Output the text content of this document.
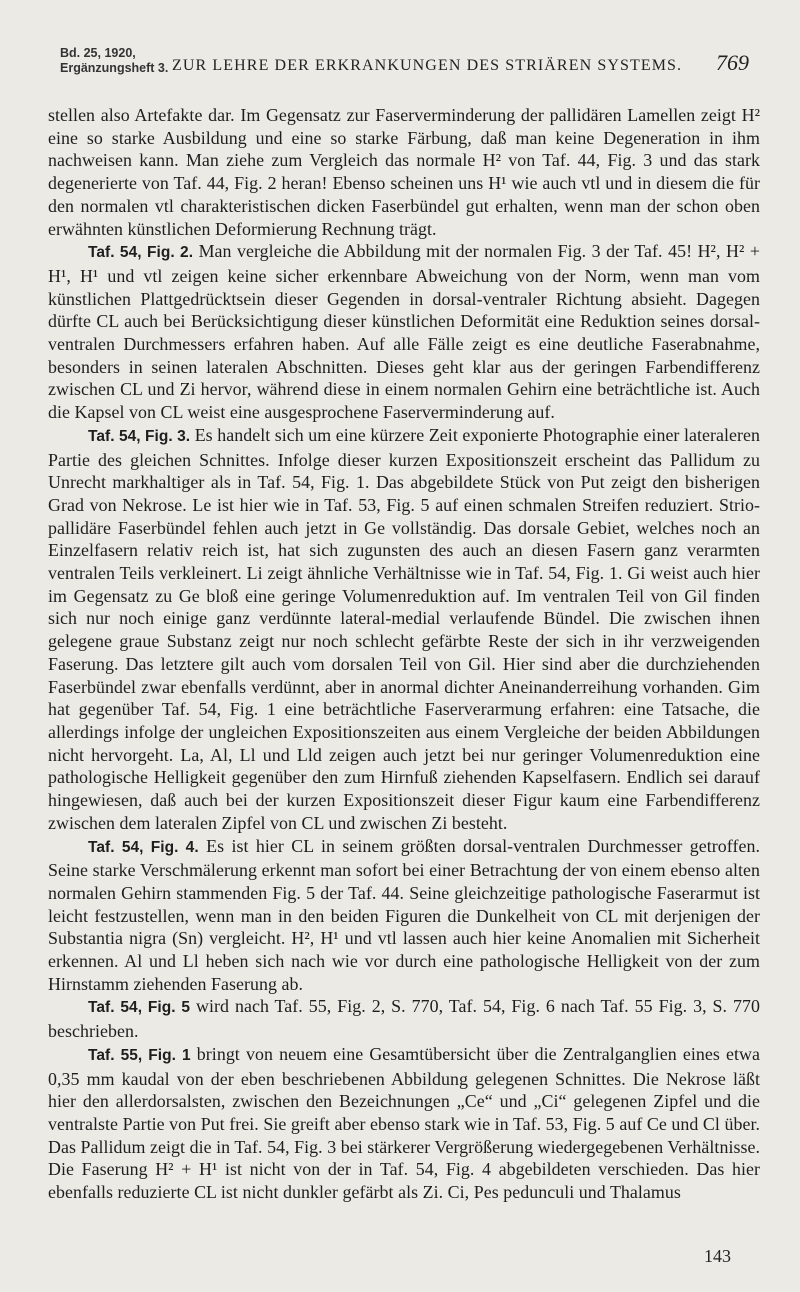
Bd. 25, 1920,
Ergänzungsheft 3. ZUR LEHRE DER ERKRANKUNGEN DES STRIÄREN SYSTEMS. 769

stellen also Artefakte dar. Im Gegensatz zur Faserverminderung der pallidären Lamellen zeigt H² eine so starke Ausbildung und eine so starke Färbung, daß man keine Degeneration in ihm nachweisen kann. Man ziehe zum Vergleich das normale H² von Taf. 44, Fig. 3 und das stark degenerierte von Taf. 44, Fig. 2 heran! Ebenso scheinen uns H¹ wie auch vtl und in diesem die für den normalen vtl charakteristischen dicken Faserbündel gut erhalten, wenn man der schon oben erwähnten künstlichen Deformierung Rechnung trägt.

Taf. 54, Fig. 2. Man vergleiche die Abbildung mit der normalen Fig. 3 der Taf. 45! H², H² + H¹, H¹ und vtl zeigen keine sicher erkennbare Abweichung von der Norm, wenn man vom künstlichen Plattgedrücktsein dieser Gegenden in dorsal-ventraler Richtung absieht. Dagegen dürfte CL auch bei Berücksichtigung dieser künstlichen Deformität eine Reduktion seines dorsal-ventralen Durchmessers erfahren haben. Auf alle Fälle zeigt es eine deutliche Faserabnahme, besonders in seinen lateralen Abschnitten. Dieses geht klar aus der geringen Farbendifferenz zwischen CL und Zi hervor, während diese in einem normalen Gehirn eine beträchtliche ist. Auch die Kapsel von CL weist eine ausgesprochene Faserverminderung auf.

Taf. 54, Fig. 3. Es handelt sich um eine kürzere Zeit exponierte Photographie einer lateraleren Partie des gleichen Schnittes. Infolge dieser kurzen Expositionszeit erscheint das Pallidum zu Unrecht markhaltiger als in Taf. 54, Fig. 1. Das abgebildete Stück von Put zeigt den bisherigen Grad von Nekrose. Le ist hier wie in Taf. 53, Fig. 5 auf einen schmalen Streifen reduziert. Strio-pallidäre Faserbündel fehlen auch jetzt in Ge vollständig. Das dorsale Gebiet, welches noch an Einzelfasern relativ reich ist, hat sich zugunsten des auch an diesen Fasern ganz verarmten ventralen Teils verkleinert. Li zeigt ähnliche Verhältnisse wie in Taf. 54, Fig. 1. Gi weist auch hier im Gegensatz zu Ge bloß eine geringe Volumenreduktion auf. Im ventralen Teil von Gil finden sich nur noch einige ganz verdünnte lateral-medial verlaufende Bündel. Die zwischen ihnen gelegene graue Substanz zeigt nur noch schlecht gefärbte Reste der sich in ihr verzweigenden Faserung. Das letztere gilt auch vom dorsalen Teil von Gil. Hier sind aber die durchziehenden Faserbündel zwar ebenfalls verdünnt, aber in anormal dichter Aneinanderreihung vorhanden. Gim hat gegenüber Taf. 54, Fig. 1 eine beträchtliche Faserverarmung erfahren: eine Tatsache, die allerdings infolge der ungleichen Expositionszeiten aus einem Vergleiche der beiden Abbildungen nicht hervorgeht. La, Al, Ll und Lld zeigen auch jetzt bei nur geringer Volumenreduktion eine pathologische Helligkeit gegenüber den zum Hirnfuß ziehenden Kapselfasern. Endlich sei darauf hingewiesen, daß auch bei der kurzen Expositionszeit dieser Figur kaum eine Farbendifferenz zwischen dem lateralen Zipfel von CL und zwischen Zi besteht.

Taf. 54, Fig. 4. Es ist hier CL in seinem größten dorsal-ventralen Durchmesser getroffen. Seine starke Verschmälerung erkennt man sofort bei einer Betrachtung der von einem ebenso alten normalen Gehirn stammenden Fig. 5 der Taf. 44. Seine gleichzeitige pathologische Faserarmut ist leicht festzustellen, wenn man in den beiden Figuren die Dunkelheit von CL mit derjenigen der Substantia nigra (Sn) vergleicht. H², H¹ und vtl lassen auch hier keine Anomalien mit Sicherheit erkennen. Al und Ll heben sich nach wie vor durch eine pathologische Helligkeit von der zum Hirnstamm ziehenden Faserung ab.

Taf. 54, Fig. 5 wird nach Taf. 55, Fig. 2, S. 770, Taf. 54, Fig. 6 nach Taf. 55 Fig. 3, S. 770 beschrieben.

Taf. 55, Fig. 1 bringt von neuem eine Gesamtübersicht über die Zentralganglien eines etwa 0,35 mm kaudal von der eben beschriebenen Abbildung gelegenen Schnittes. Die Nekrose läßt hier den allerdorsalsten, zwischen den Bezeichnungen „Ce“ und „Ci“ gelegenen Zipfel und die ventralste Partie von Put frei. Sie greift aber ebenso stark wie in Taf. 53, Fig. 5 auf Ce und Cl über. Das Pallidum zeigt die in Taf. 54, Fig. 3 bei stärkerer Vergrößerung wiedergegebenen Verhältnisse. Die Faserung H² + H¹ ist nicht von der in Taf. 54, Fig. 4 abgebildeten verschieden. Das hier ebenfalls reduzierte CL ist nicht dunkler gefärbt als Zi. Ci, Pes pedunculi und Thalamus

143
